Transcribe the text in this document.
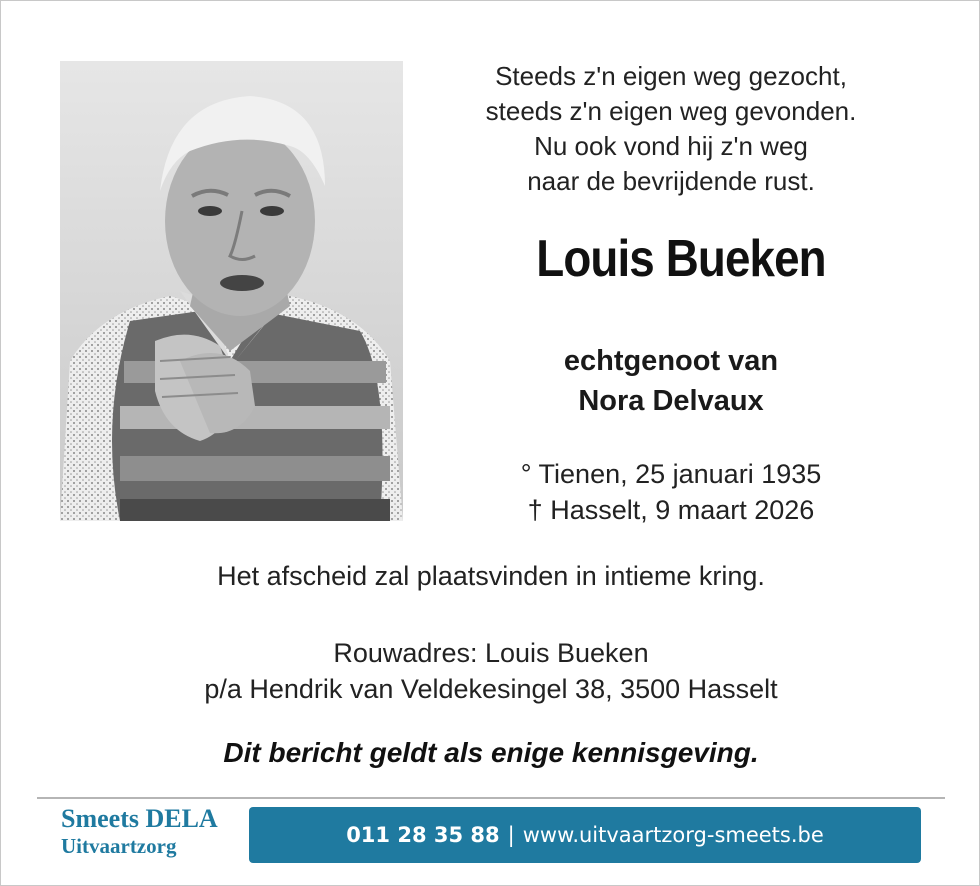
Steeds z'n eigen weg gezocht,
steeds z'n eigen weg gevonden.
Nu ook vond hij z'n weg
naar de bevrijdende rust.
Louis Bueken
echtgenoot van
Nora Delvaux
° Tienen, 25 januari 1935
† Hasselt, 9 maart 2026
Het afscheid zal plaatsvinden in intieme kring.
Rouwadres: Louis Bueken
p/a Hendrik van Veldekesingel 38, 3500 Hasselt
Dit bericht geldt als enige kennisgeving.
Smeets DELA
Uitvaartzorg	011 28 35 88 | www.uitvaartzorg-smeets.be
